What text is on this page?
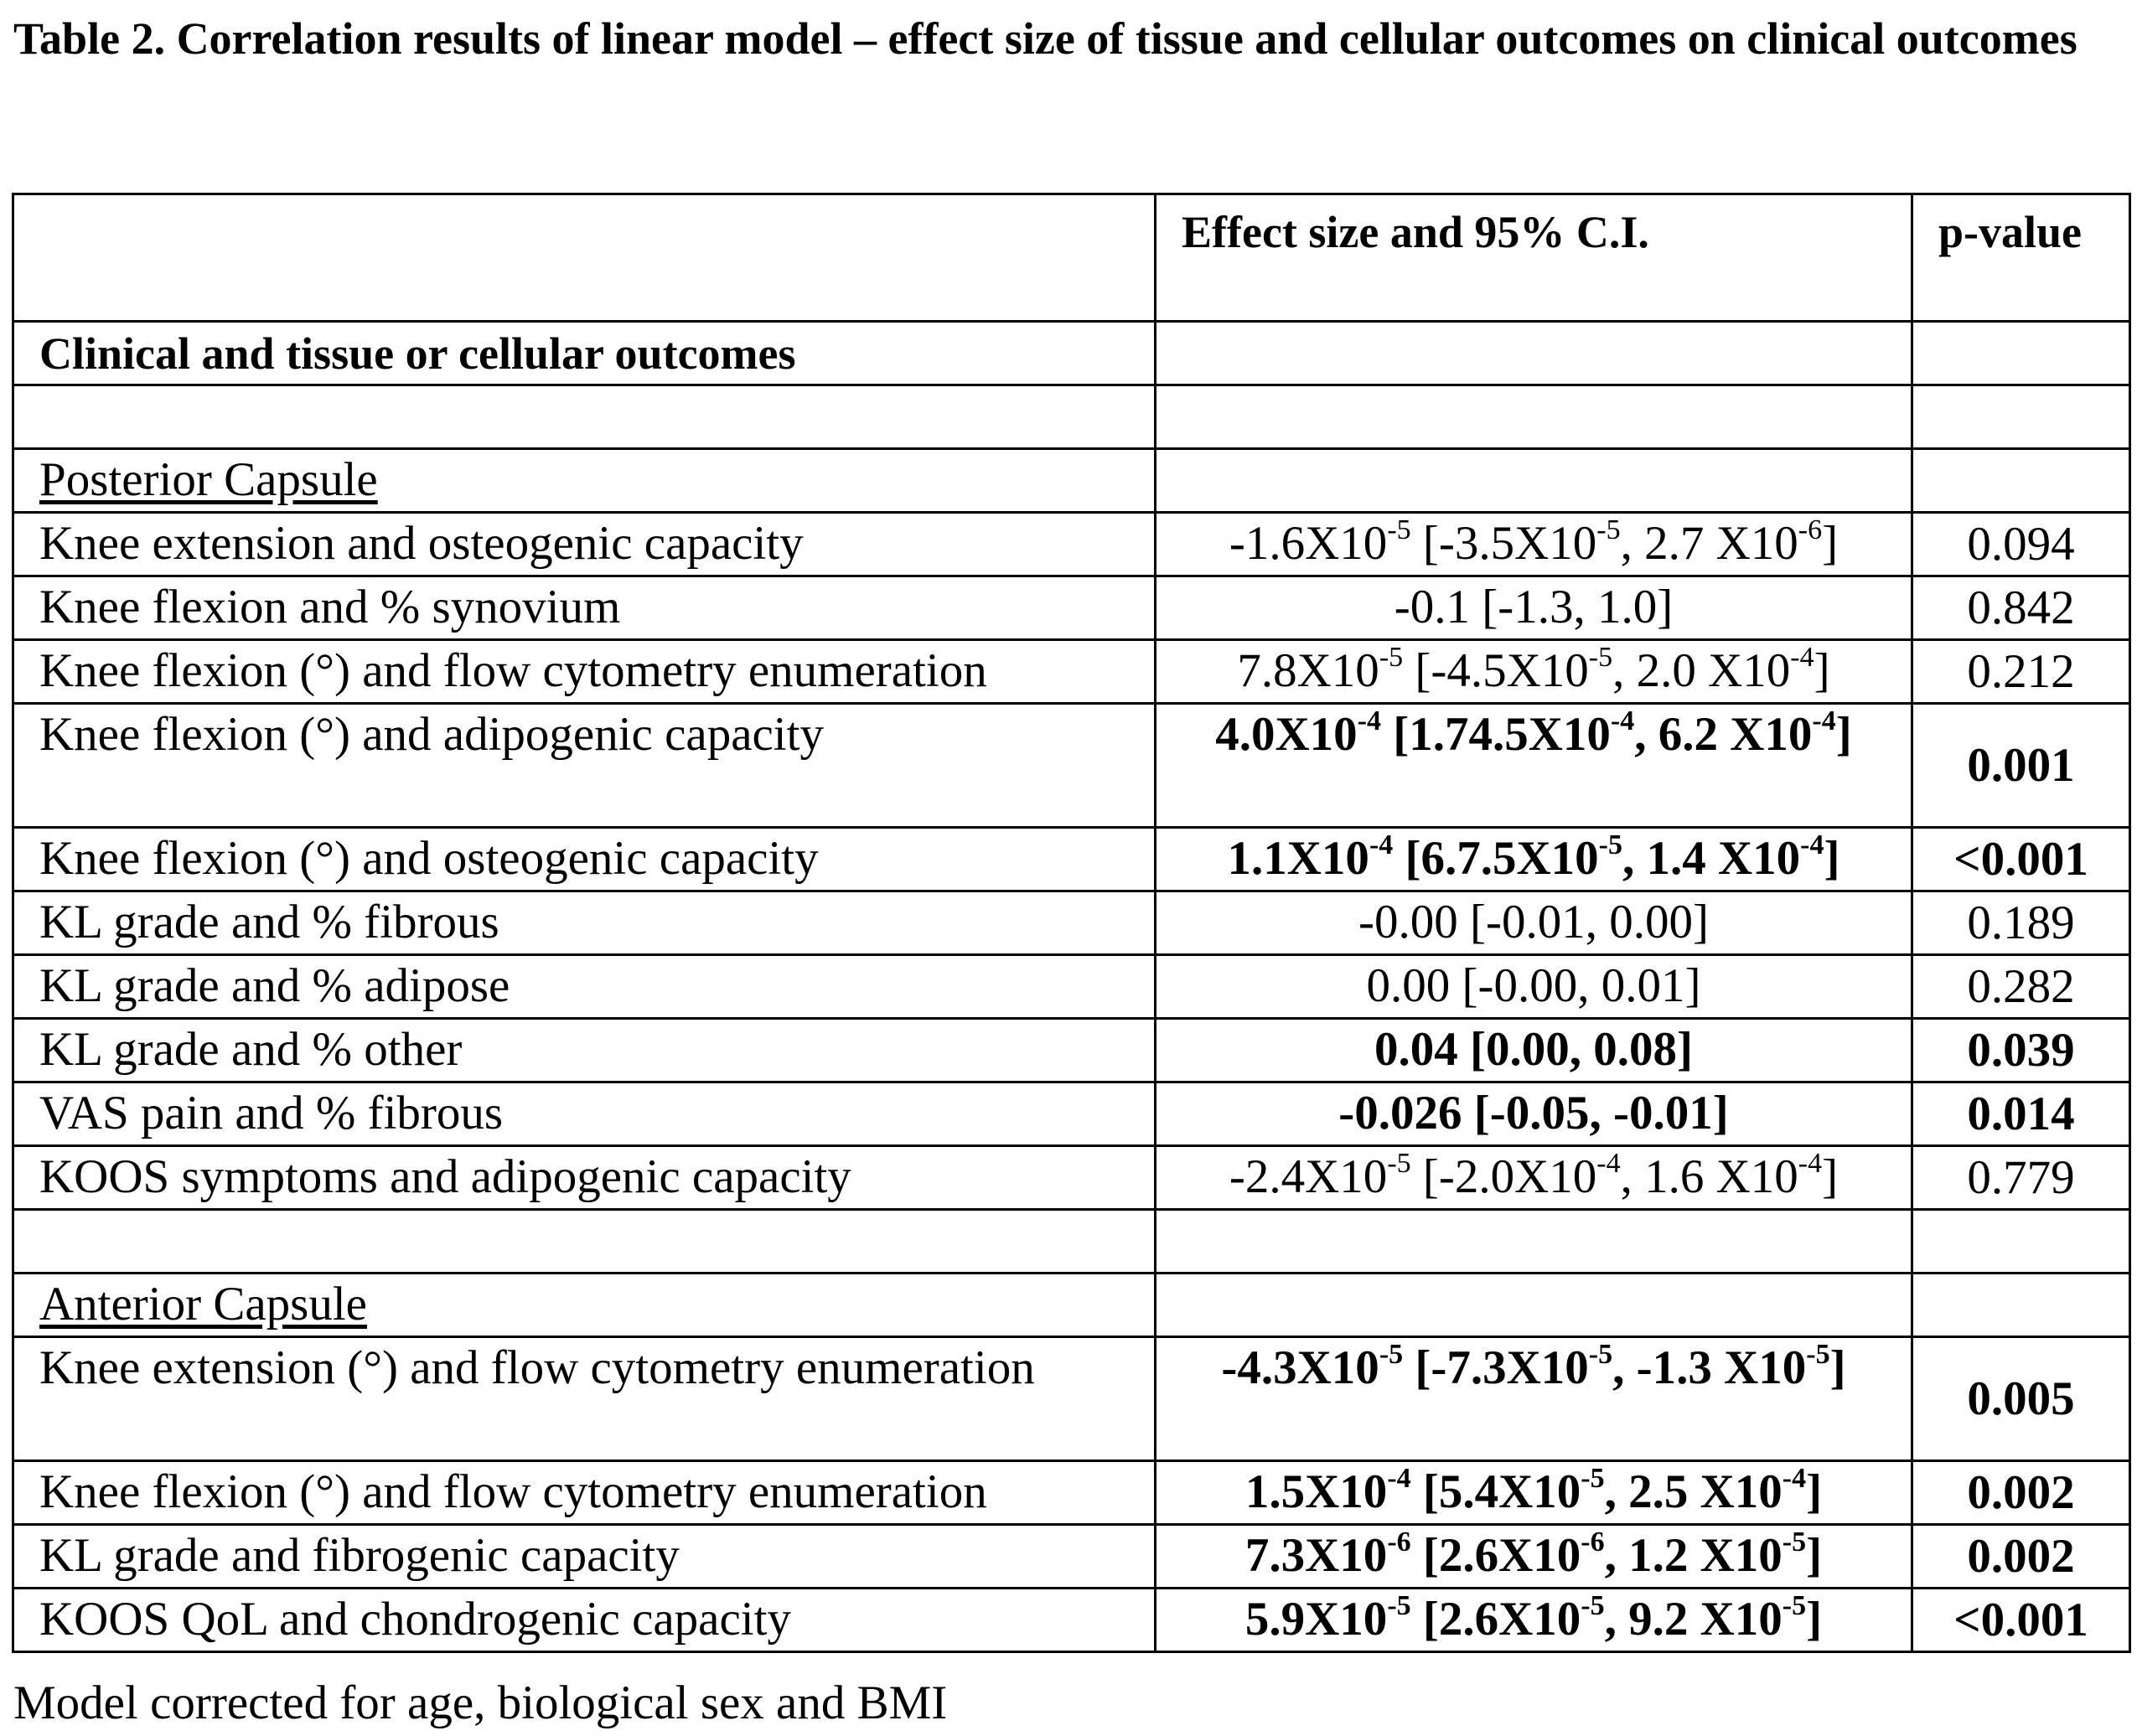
Table 2. Correlation results of linear model – effect size of tissue and cellular outcomes on clinical outcomes
	Effect size and 95% C.I.	p-value
Clinical and tissue or cellular outcomes		

Posterior Capsule		
Knee extension and osteogenic capacity	$-1.6X10^{-5}$ [$-3.5X10^{-5}$, 2.7 $X10^{-6}$]	0.094
Knee flexion and % synovium	-0.1 [-1.3, 1.0]	0.842
Knee flexion (°) and flow cytometry enumeration	$7.8X10^{-5}$ [$-4.5X10^{-5}$, 2.0 $X10^{-4}$]	0.212
Knee flexion (°) and adipogenic capacity	$4.0X10^{-4}$ [$1.74.5X10^{-4}$, 6.2 $X10^{-4}$]	0.001
Knee flexion (°) and osteogenic capacity	$1.1X10^{-4}$ [$6.7.5X10^{-5}$, 1.4 $X10^{-4}$]	<0.001
KL grade and % fibrous	-0.00 [-0.01, 0.00]	0.189
KL grade and % adipose	0.00 [-0.00, 0.01]	0.282
KL grade and % other	0.04 [0.00, 0.08]	0.039
VAS pain and % fibrous	-0.026 [-0.05, -0.01]	0.014
KOOS symptoms and adipogenic capacity	$-2.4X10^{-5}$ [$-2.0X10^{-4}$, 1.6 $X10^{-4}$]	0.779

Anterior Capsule		
Knee extension (°) and flow cytometry enumeration	$-4.3X10^{-5}$ [$-7.3X10^{-5}$, -1.3 $X10^{-5}$]	0.005
Knee flexion (°) and flow cytometry enumeration	$1.5X10^{-4}$ [$5.4X10^{-5}$, 2.5 $X10^{-4}$]	0.002
KL grade and fibrogenic capacity	$7.3X10^{-6}$ [$2.6X10^{-6}$, 1.2 $X10^{-5}$]	0.002
KOOS QoL and chondrogenic capacity	$5.9X10^{-5}$ [$2.6X10^{-5}$, 9.2 $X10^{-5}$]	<0.001
Model corrected for age, biological sex and BMI
